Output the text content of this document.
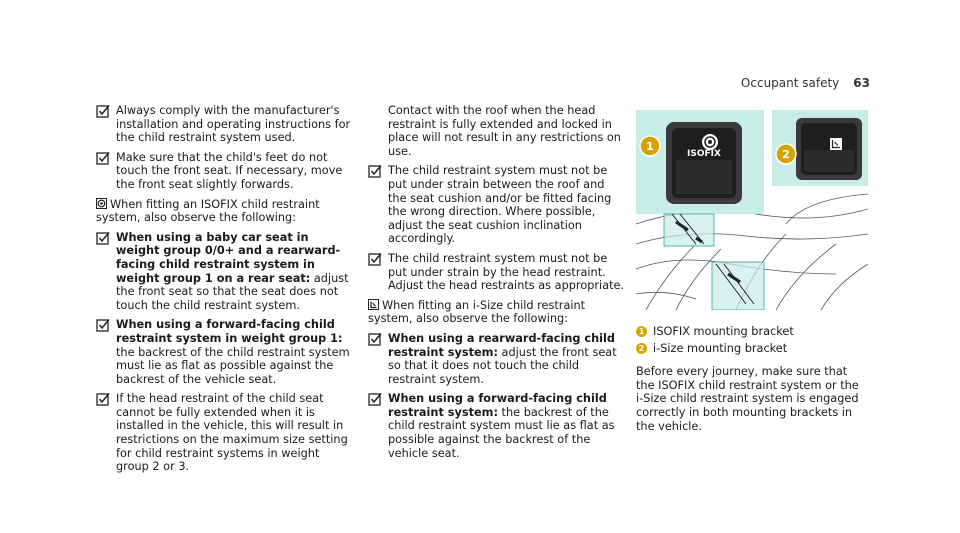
Occupant safety 63
Always comply with the manufacturer's installation and operating instructions for the child restraint system used.
Make sure that the child's feet do not touch the front seat. If necessary, move the front seat slightly forwards.
When fitting an ISOFIX child restraint system, also observe the following:
When using a baby car seat in weight group 0/0+ and a rearward-facing child restraint system in weight group 1 on a rear seat: adjust the front seat so that the seat does not touch the child restraint system.
When using a forward-facing child restraint system in weight group 1: the backrest of the child restraint system must lie as flat as possible against the backrest of the vehicle seat.
If the head restraint of the child seat cannot be fully extended when it is installed in the vehicle, this will result in restrictions on the maximum size setting for child restraint systems in weight group 2 or 3.
Contact with the roof when the head restraint is fully extended and locked in place will not result in any restrictions on use.
The child restraint system must not be put under strain between the roof and the seat cushion and/or be fitted facing the wrong direction. Where possible, adjust the seat cushion inclination accordingly.
The child restraint system must not be put under strain by the head restraint. Adjust the head restraints as appropriate.
When fitting an i-Size child restraint system, also observe the following:
When using a rearward-facing child restraint system: adjust the front seat so that it does not touch the child restraint system.
When using a forward-facing child restraint system: the backrest of the child restraint system must lie as flat as possible against the backrest of the vehicle seat.
ISOFIX
1
2
1 ISOFIX mounting bracket
2 i-Size mounting bracket
Before every journey, make sure that the ISOFIX child restraint system or the i-Size child restraint system is engaged correctly in both mounting brackets in the vehicle.
